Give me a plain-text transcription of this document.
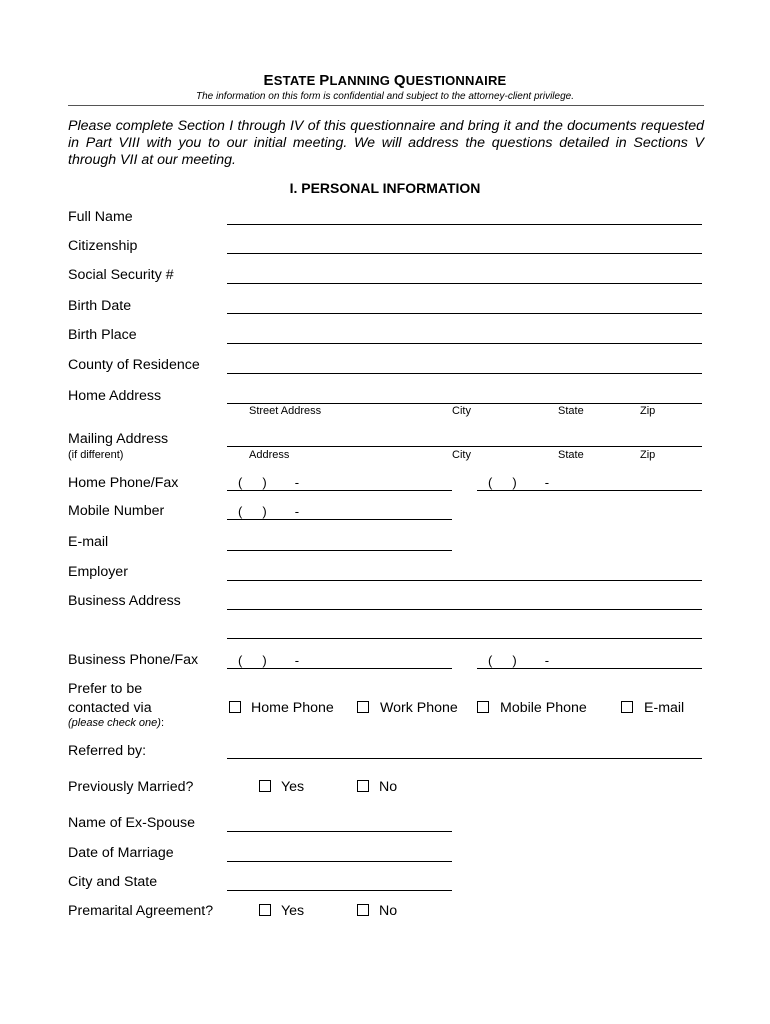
ESTATE PLANNING QUESTIONNAIRE
The information on this form is confidential and subject to the attorney-client privilege.
Please complete Section I through IV of this questionnaire and bring it and the documents requested in Part VIII with you to our initial meeting. We will address the questions detailed in Sections V through VII at our meeting.
I. PERSONAL INFORMATION
Full Name
Citizenship
Social Security #
Birth Date
Birth Place
County of Residence
Home Address
Street Address	City	State	Zip
Mailing Address
(if different)	Address	City	State	Zip
Home Phone/Fax	( ) -	( ) -
Mobile Number	( ) -
E-mail
Employer
Business Address
Business Phone/Fax	( ) -	( ) -
Prefer to be
contacted via
(please check one):
Home Phone	Work Phone	Mobile Phone	E-mail
Referred by:
Previously Married?	Yes	No
Name of Ex-Spouse
Date of Marriage
City and State
Premarital Agreement?	Yes	No
